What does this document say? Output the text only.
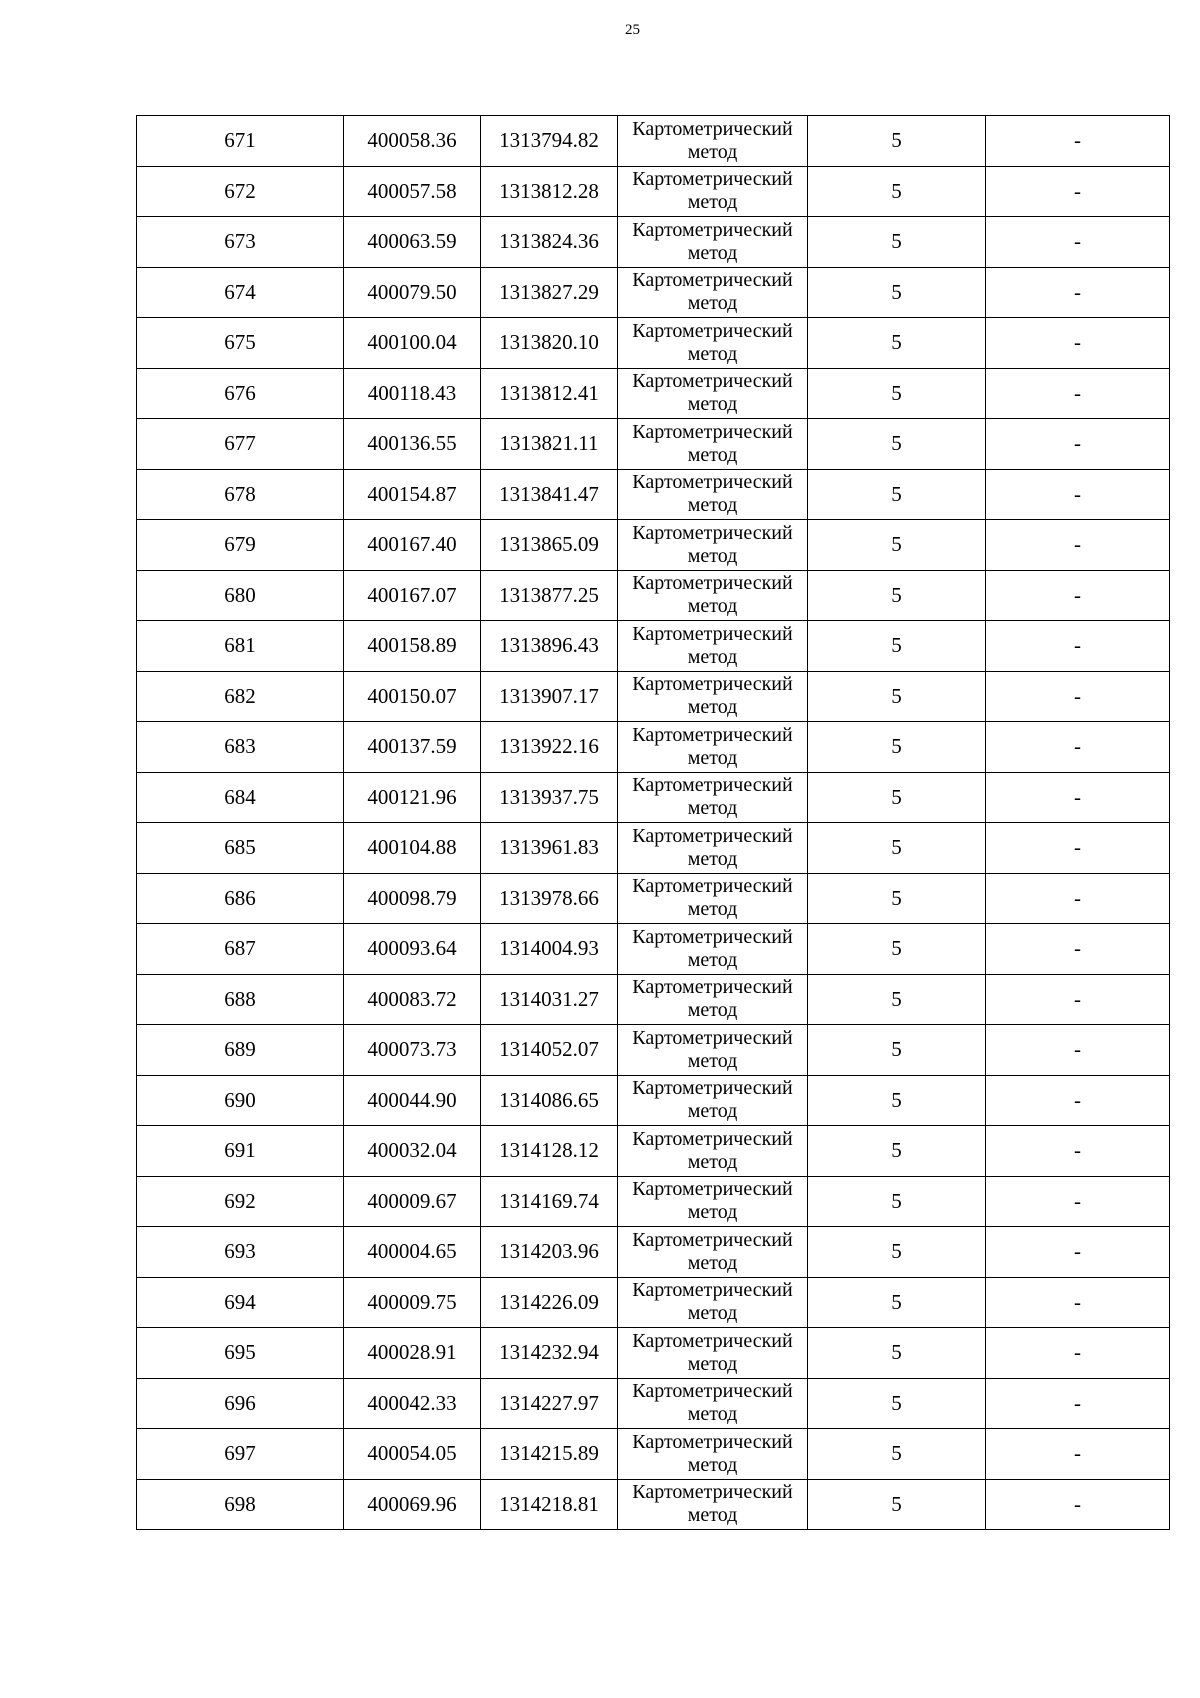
25
671	400058.36	1313794.82	Картометрический
метод	5	-
672	400057.58	1313812.28	Картометрический
метод	5	-
673	400063.59	1313824.36	Картометрический
метод	5	-
674	400079.50	1313827.29	Картометрический
метод	5	-
675	400100.04	1313820.10	Картометрический
метод	5	-
676	400118.43	1313812.41	Картометрический
метод	5	-
677	400136.55	1313821.11	Картометрический
метод	5	-
678	400154.87	1313841.47	Картометрический
метод	5	-
679	400167.40	1313865.09	Картометрический
метод	5	-
680	400167.07	1313877.25	Картометрический
метод	5	-
681	400158.89	1313896.43	Картометрический
метод	5	-
682	400150.07	1313907.17	Картометрический
метод	5	-
683	400137.59	1313922.16	Картометрический
метод	5	-
684	400121.96	1313937.75	Картометрический
метод	5	-
685	400104.88	1313961.83	Картометрический
метод	5	-
686	400098.79	1313978.66	Картометрический
метод	5	-
687	400093.64	1314004.93	Картометрический
метод	5	-
688	400083.72	1314031.27	Картометрический
метод	5	-
689	400073.73	1314052.07	Картометрический
метод	5	-
690	400044.90	1314086.65	Картометрический
метод	5	-
691	400032.04	1314128.12	Картометрический
метод	5	-
692	400009.67	1314169.74	Картометрический
метод	5	-
693	400004.65	1314203.96	Картометрический
метод	5	-
694	400009.75	1314226.09	Картометрический
метод	5	-
695	400028.91	1314232.94	Картометрический
метод	5	-
696	400042.33	1314227.97	Картометрический
метод	5	-
697	400054.05	1314215.89	Картометрический
метод	5	-
698	400069.96	1314218.81	Картометрический
метод	5	-
